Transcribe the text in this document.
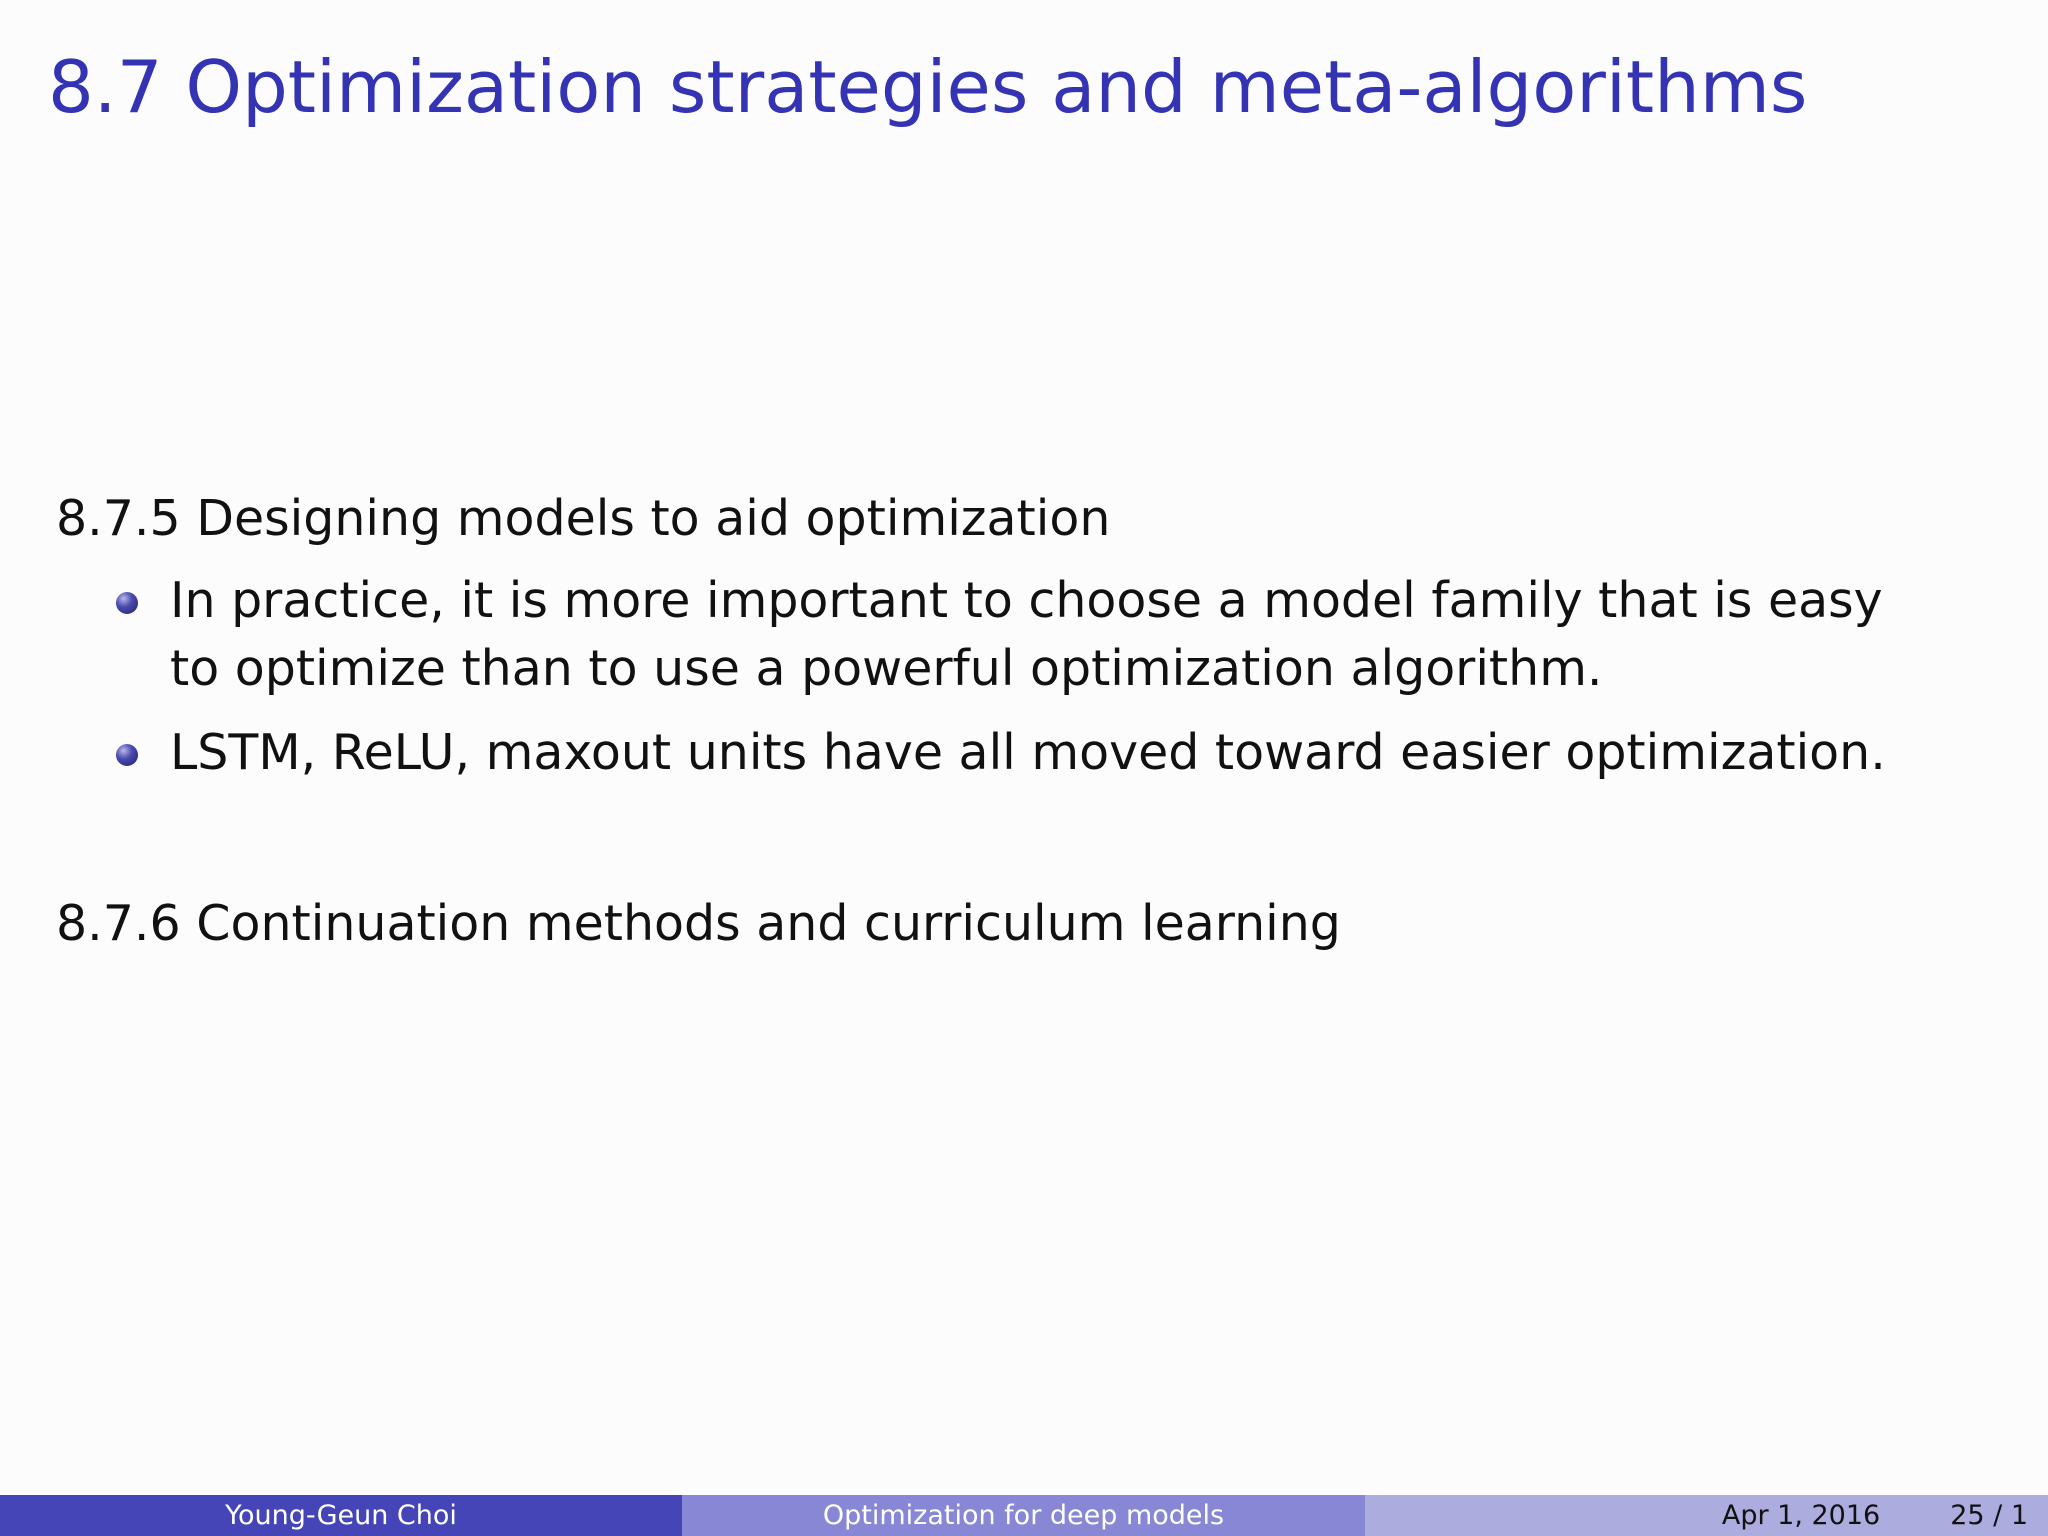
8.7 Optimization strategies and meta-algorithms
8.7.5 Designing models to aid optimization
In practice, it is more important to choose a model family that is easy to optimize than to use a powerful optimization algorithm.
LSTM, ReLU, maxout units have all moved toward easier optimization.
8.7.6 Continuation methods and curriculum learning
Young-Geun Choi	Optimization for deep models	Apr 1, 2016	25 / 1
